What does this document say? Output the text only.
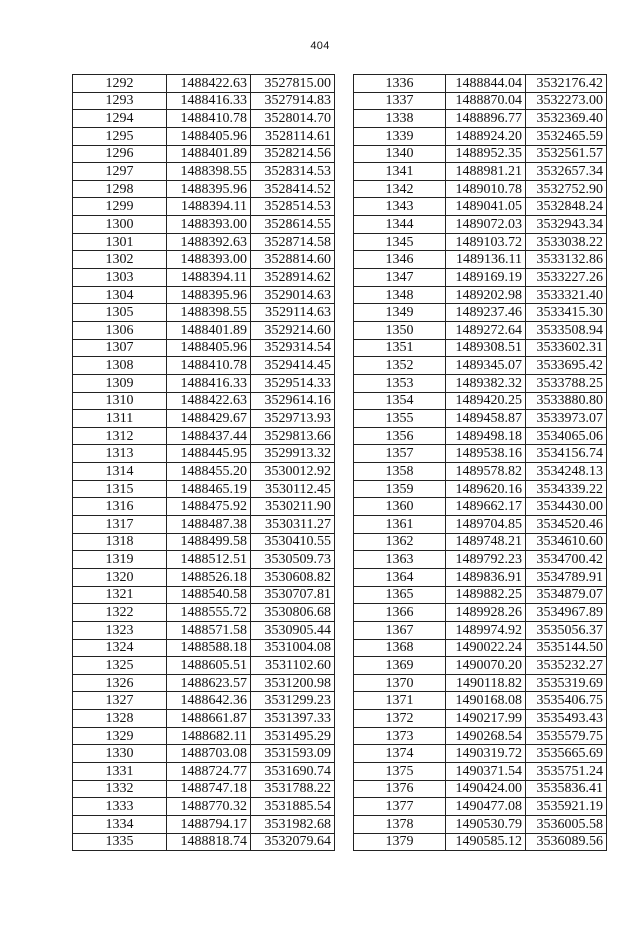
404
1292	1488422.63	3527815.00
1293	1488416.33	3527914.83
1294	1488410.78	3528014.70
1295	1488405.96	3528114.61
1296	1488401.89	3528214.56
1297	1488398.55	3528314.53
1298	1488395.96	3528414.52
1299	1488394.11	3528514.53
1300	1488393.00	3528614.55
1301	1488392.63	3528714.58
1302	1488393.00	3528814.60
1303	1488394.11	3528914.62
1304	1488395.96	3529014.63
1305	1488398.55	3529114.63
1306	1488401.89	3529214.60
1307	1488405.96	3529314.54
1308	1488410.78	3529414.45
1309	1488416.33	3529514.33
1310	1488422.63	3529614.16
1311	1488429.67	3529713.93
1312	1488437.44	3529813.66
1313	1488445.95	3529913.32
1314	1488455.20	3530012.92
1315	1488465.19	3530112.45
1316	1488475.92	3530211.90
1317	1488487.38	3530311.27
1318	1488499.58	3530410.55
1319	1488512.51	3530509.73
1320	1488526.18	3530608.82
1321	1488540.58	3530707.81
1322	1488555.72	3530806.68
1323	1488571.58	3530905.44
1324	1488588.18	3531004.08
1325	1488605.51	3531102.60
1326	1488623.57	3531200.98
1327	1488642.36	3531299.23
1328	1488661.87	3531397.33
1329	1488682.11	3531495.29
1330	1488703.08	3531593.09
1331	1488724.77	3531690.74
1332	1488747.18	3531788.22
1333	1488770.32	3531885.54
1334	1488794.17	3531982.68
1335	1488818.74	3532079.64
1336	1488844.04	3532176.42
1337	1488870.04	3532273.00
1338	1488896.77	3532369.40
1339	1488924.20	3532465.59
1340	1488952.35	3532561.57
1341	1488981.21	3532657.34
1342	1489010.78	3532752.90
1343	1489041.05	3532848.24
1344	1489072.03	3532943.34
1345	1489103.72	3533038.22
1346	1489136.11	3533132.86
1347	1489169.19	3533227.26
1348	1489202.98	3533321.40
1349	1489237.46	3533415.30
1350	1489272.64	3533508.94
1351	1489308.51	3533602.31
1352	1489345.07	3533695.42
1353	1489382.32	3533788.25
1354	1489420.25	3533880.80
1355	1489458.87	3533973.07
1356	1489498.18	3534065.06
1357	1489538.16	3534156.74
1358	1489578.82	3534248.13
1359	1489620.16	3534339.22
1360	1489662.17	3534430.00
1361	1489704.85	3534520.46
1362	1489748.21	3534610.60
1363	1489792.23	3534700.42
1364	1489836.91	3534789.91
1365	1489882.25	3534879.07
1366	1489928.26	3534967.89
1367	1489974.92	3535056.37
1368	1490022.24	3535144.50
1369	1490070.20	3535232.27
1370	1490118.82	3535319.69
1371	1490168.08	3535406.75
1372	1490217.99	3535493.43
1373	1490268.54	3535579.75
1374	1490319.72	3535665.69
1375	1490371.54	3535751.24
1376	1490424.00	3535836.41
1377	1490477.08	3535921.19
1378	1490530.79	3536005.58
1379	1490585.12	3536089.56
